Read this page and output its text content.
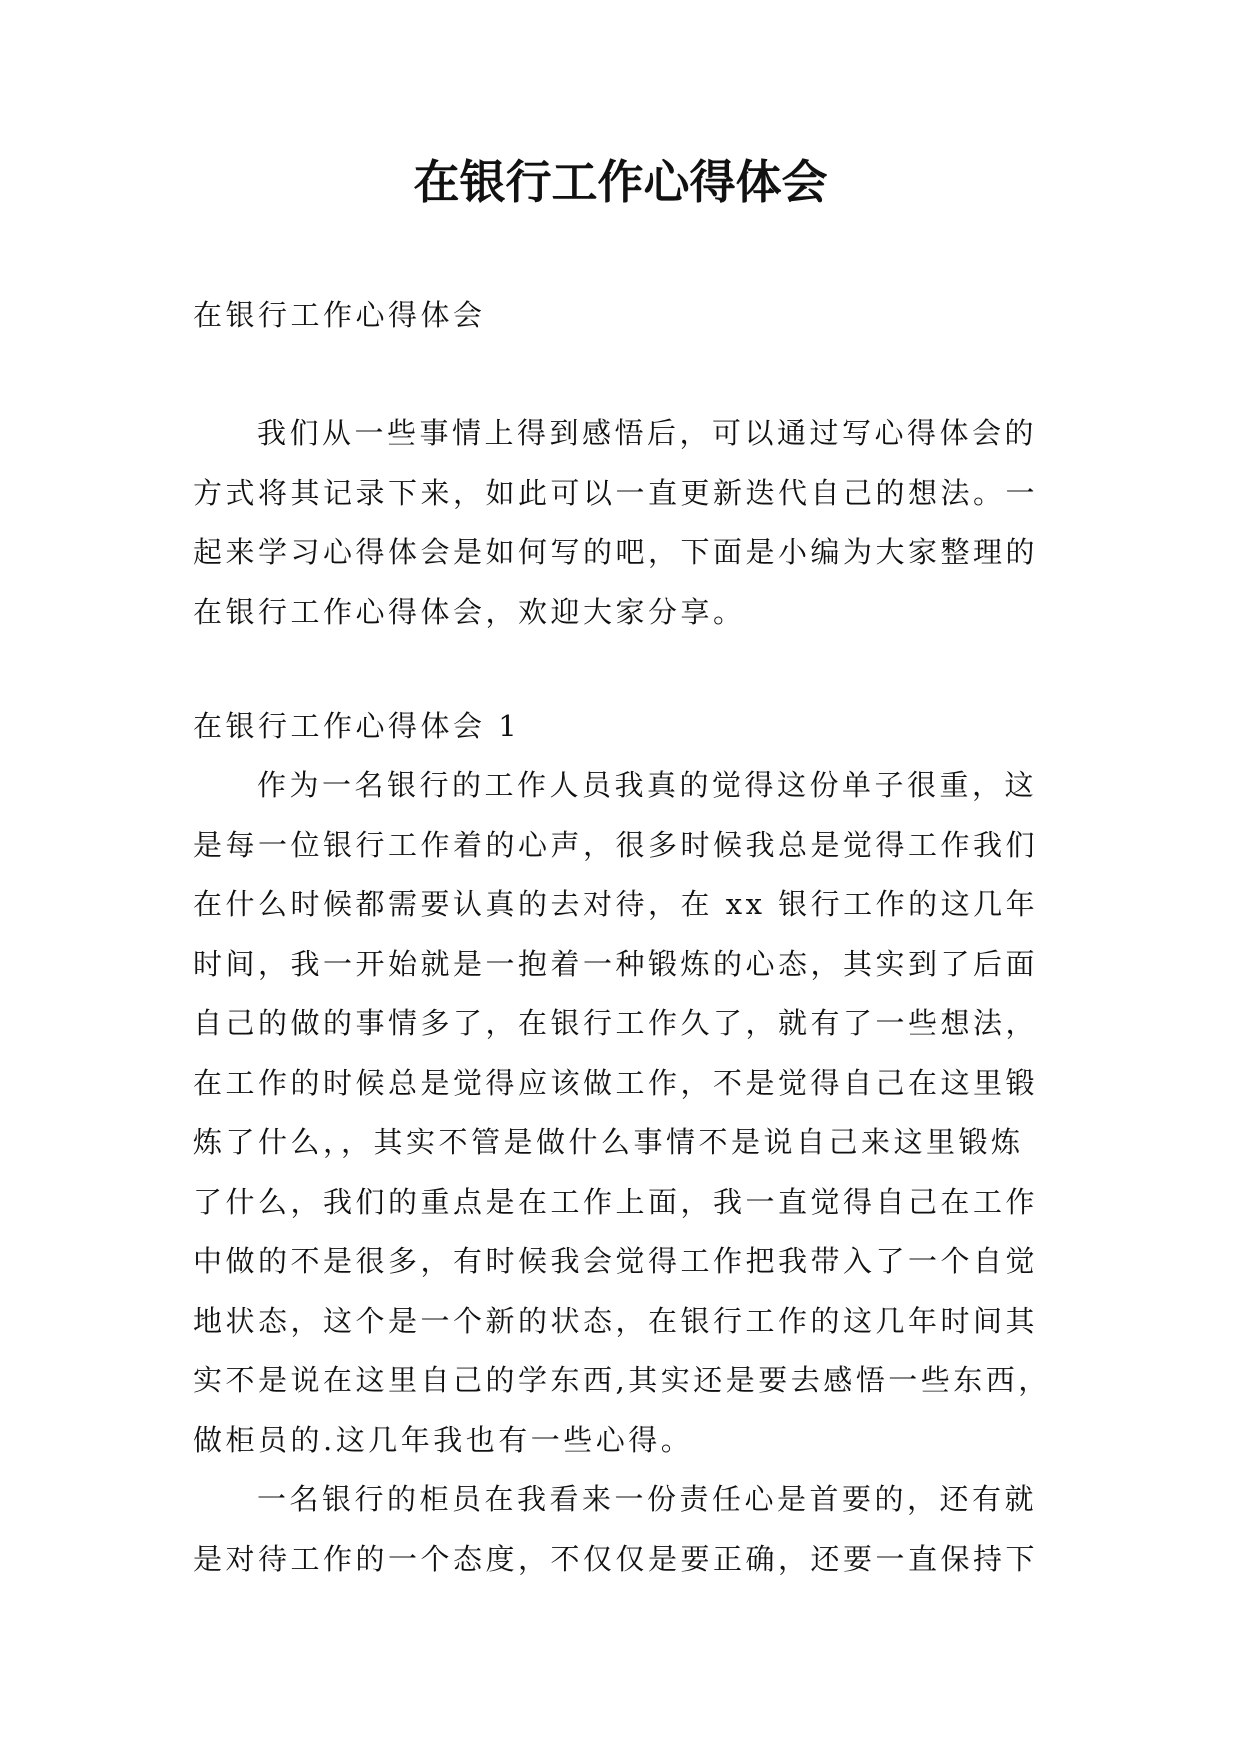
在银行工作心得体会

在银行工作心得体会

我们从一些事情上得到感悟后，可以通过写心得体会的
方式将其记录下来，如此可以一直更新迭代自己的想法。一
起来学习心得体会是如何写的吧，下面是小编为大家整理的
在银行工作心得体会，欢迎大家分享。
在银行工作心得体会 1
作为一名银行的工作人员我真的觉得这份单子很重，这
是每一位银行工作着的心声，很多时候我总是觉得工作我们
在什么时候都需要认真的去对待，在 xx 银行工作的这几年
时间，我一开始就是一抱着一种锻炼的心态，其实到了后面
自己的做的事情多了，在银行工作久了，就有了一些想法，
在工作的时候总是觉得应该做工作，不是觉得自己在这里锻
炼了什么，，其实不管是做什么事情不是说自己来这里锻炼
了什么，我们的重点是在工作上面，我一直觉得自己在工作
中做的不是很多，有时候我会觉得工作把我带入了一个自觉
地状态，这个是一个新的状态，在银行工作的这几年时间其
实不是说在这里自己的学东西,其实还是要去感悟一些东西，
做柜员的.这几年我也有一些心得。
一名银行的柜员在我看来一份责任心是首要的，还有就
是对待工作的一个态度，不仅仅是要正确，还要一直保持下
